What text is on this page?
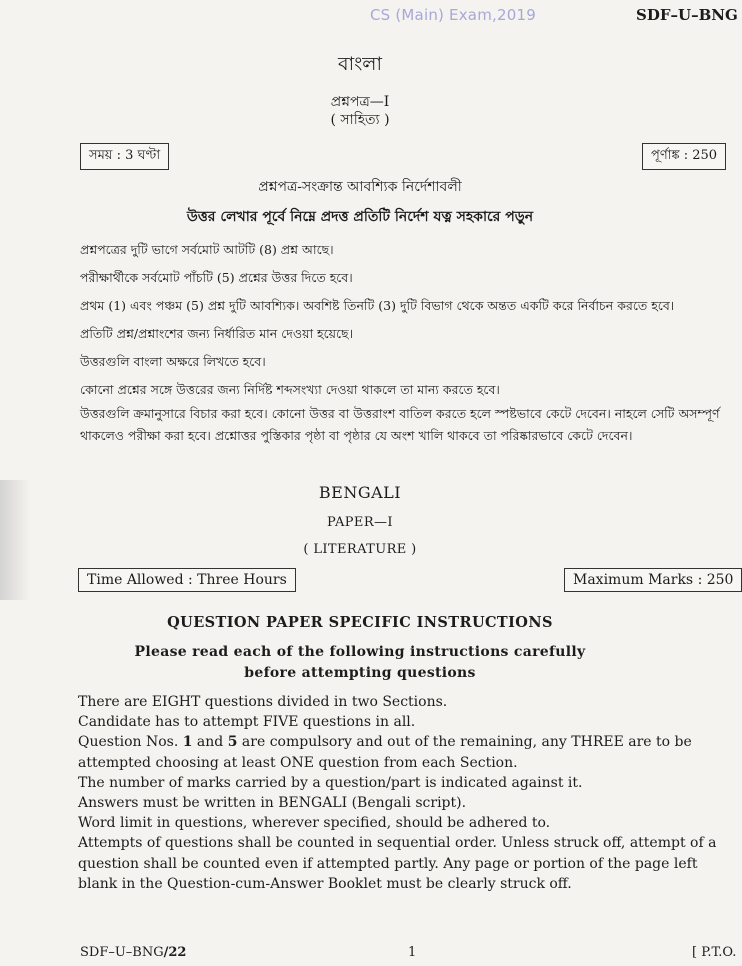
CS (Main) Exam,2019	SDF–U–BNG
বাংলা
প্রশ্নপত্র—I
( সাহিত্য )
সময় : 3 ঘণ্টা	পূর্ণাঙ্ক : 250
প্রশ্নপত্র-সংক্রান্ত আবশ্যিক নির্দেশাবলী
উত্তর লেখার পূর্বে নিম্নে প্রদত্ত প্রতিটি নির্দেশ যত্ন সহকারে পড়ুন
প্রশ্নপত্রের দুটি ভাগে সর্বমোট আটটি (8) প্রশ্ন আছে।
পরীক্ষার্থীকে সর্বমোট পাঁচটি (5) প্রশ্নের উত্তর দিতে হবে।
প্রথম (1) এবং পঞ্চম (5) প্রশ্ন দুটি আবশ্যিক। অবশিষ্ট তিনটি (3) দুটি বিভাগ থেকে অন্তত একটি করে নির্বাচন করতে হবে।
প্রতিটি প্রশ্ন/প্রশ্নাংশের জন্য নির্ধারিত মান দেওয়া হয়েছে।
উত্তরগুলি বাংলা অক্ষরে লিখতে হবে।
কোনো প্রশ্নের সঙ্গে উত্তরের জন্য নির্দিষ্ট শব্দসংখ্যা দেওয়া থাকলে তা মান্য করতে হবে।
উত্তরগুলি ক্রমানুসারে বিচার করা হবে। কোনো উত্তর বা উত্তরাংশ বাতিল করতে হলে স্পষ্টভাবে কেটে দেবেন। নাহলে সেটি অসম্পূর্ণ
থাকলেও পরীক্ষা করা হবে। প্রশ্নোত্তর পুস্তিকার পৃষ্ঠা বা পৃষ্ঠার যে অংশ খালি থাকবে তা পরিষ্কারভাবে কেটে দেবেন।
BENGALI
PAPER—I
( LITERATURE )
Time Allowed : Three Hours	Maximum Marks : 250
QUESTION PAPER SPECIFIC INSTRUCTIONS
Please read each of the following instructions carefully
before attempting questions
There are EIGHT questions divided in two Sections.
Candidate has to attempt FIVE questions in all.
Question Nos. 1 and 5 are compulsory and out of the remaining, any THREE are to be
attempted choosing at least ONE question from each Section.
The number of marks carried by a question/part is indicated against it.
Answers must be written in BENGALI (Bengali script).
Word limit in questions, wherever specified, should be adhered to.
Attempts of questions shall be counted in sequential order. Unless struck off, attempt of a
question shall be counted even if attempted partly. Any page or portion of the page left
blank in the Question-cum-Answer Booklet must be clearly struck off.
SDF–U–BNG/22	1	[ P.T.O.
